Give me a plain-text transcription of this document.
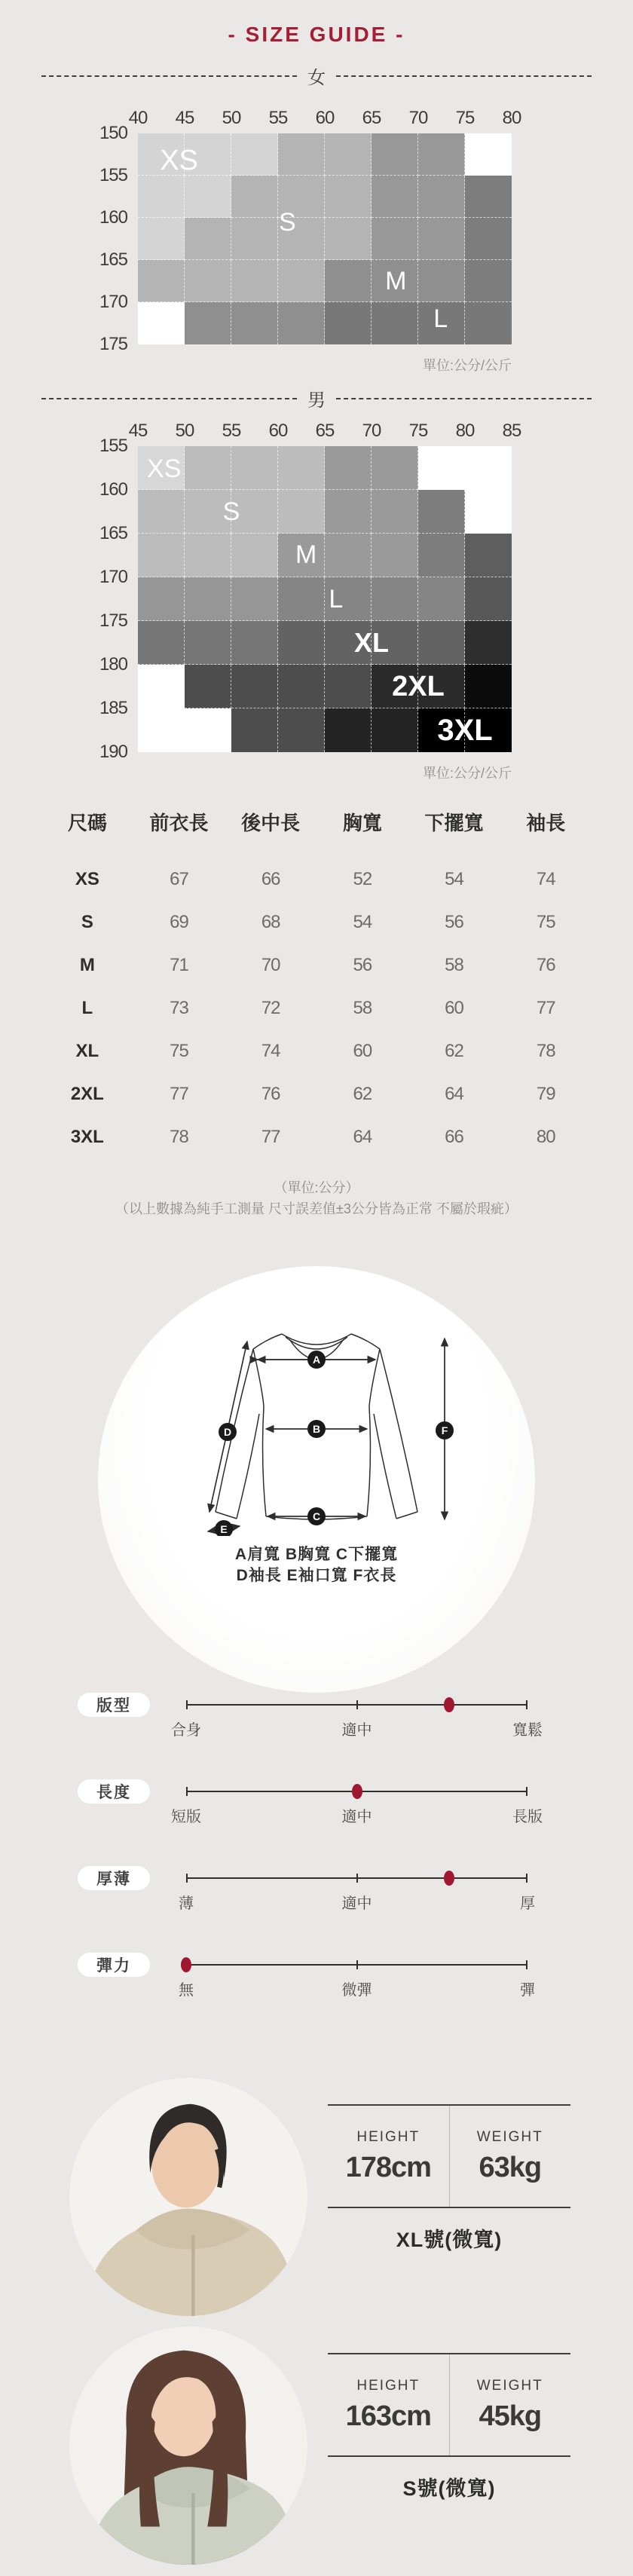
- SIZE GUIDE -
女
40 45 50 55 60 65 70 75 80
150
155
160
165
170
175
XS
S
M
L
單位:公分/公斤
男
45 50 55 60 65 70 75 80 85
155
160
165
170
175
180
185
190
XS
S
M
L
XL
2XL
3XL
單位:公分/公斤
尺碼	前衣長	後中長	胸寬	下擺寬	袖長
XS	67	66	52	54	74
S	69	68	54	56	75
M	71	70	56	58	76
L	73	72	58	60	77
XL	75	74	60	62	78
2XL	77	76	62	64	79
3XL	78	77	64	66	80
（單位:公分）
（以上數據為純手工測量 尺寸誤差值±3公分皆為正常 不屬於瑕疵）
A
B
C
D
E
F
A肩寬 B胸寬 C下擺寬
D袖長 E袖口寬 F衣長
版型
合身	適中	寬鬆
長度
短版	適中	長版
厚薄
薄	適中	厚
彈力
無	微彈	彈
HEIGHT
178cm
WEIGHT
63kg
XL號(微寬)
HEIGHT
163cm
WEIGHT
45kg
S號(微寬)
